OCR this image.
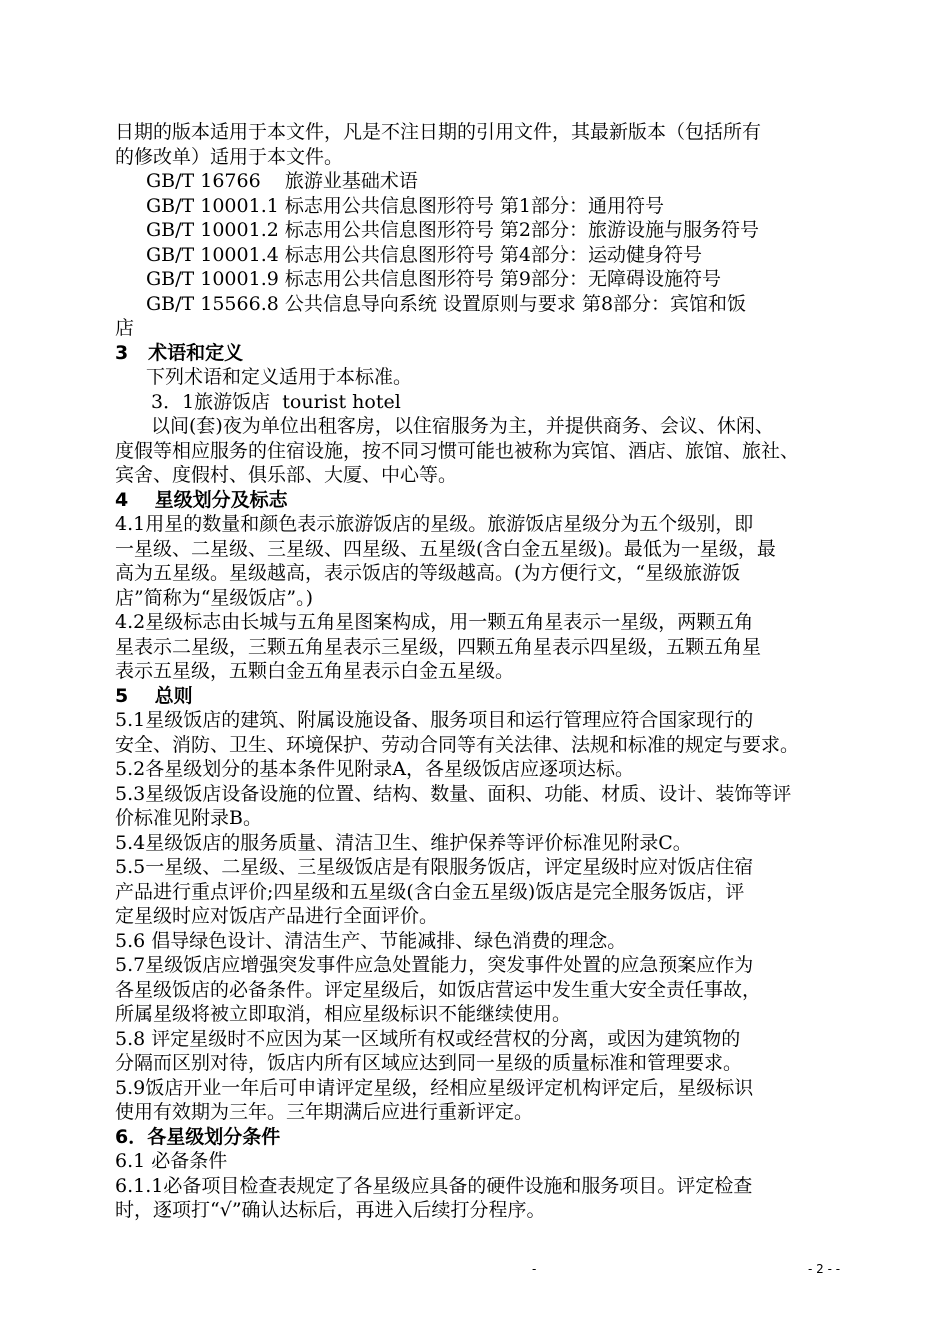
日期的版本适用于本文件，凡是不注日期的引用文件，其最新版本（包括所有

的修改单）适用于本文件。

GB/T 16766    旅游业基础术语

GB/T 10001.1 标志用公共信息图形符号 第1部分：通用符号

GB/T 10001.2 标志用公共信息图形符号 第2部分：旅游设施与服务符号

GB/T 10001.4 标志用公共信息图形符号 第4部分：运动健身符号

GB/T 10001.9 标志用公共信息图形符号 第9部分：无障碍设施符号

GB/T 15566.8 公共信息导向系统 设置原则与要求 第8部分：宾馆和饭

店

3   术语和定义

下列术语和定义适用于本标准。

3．1旅游饭店  tourist hotel

以间(套)夜为单位出租客房，以住宿服务为主，并提供商务、会议、休闲、

度假等相应服务的住宿设施，按不同习惯可能也被称为宾馆、酒店、旅馆、旅社、

宾舍、度假村、俱乐部、大厦、中心等。

4    星级划分及标志

4.1用星的数量和颜色表示旅游饭店的星级。旅游饭店星级分为五个级别，即

一星级、二星级、三星级、四星级、五星级(含白金五星级)。最低为一星级，最

高为五星级。星级越高，表示饭店的等级越高。(为方便行文，“星级旅游饭

店”简称为“星级饭店”。)

4.2星级标志由长城与五角星图案构成，用一颗五角星表示一星级，两颗五角

星表示二星级，三颗五角星表示三星级，四颗五角星表示四星级，五颗五角星

表示五星级，五颗白金五角星表示白金五星级。

5    总则

5.1星级饭店的建筑、附属设施设备、服务项目和运行管理应符合国家现行的

安全、消防、卫生、环境保护、劳动合同等有关法律、法规和标准的规定与要求。

5.2各星级划分的基本条件见附录A，各星级饭店应逐项达标。

5.3星级饭店设备设施的位置、结构、数量、面积、功能、材质、设计、装饰等评

价标准见附录B。

5.4星级饭店的服务质量、清洁卫生、维护保养等评价标准见附录C。

5.5一星级、二星级、三星级饭店是有限服务饭店，评定星级时应对饭店住宿

产品进行重点评价;四星级和五星级(含白金五星级)饭店是完全服务饭店，评

定星级时应对饭店产品进行全面评价。

5.6 倡导绿色设计、清洁生产、节能减排、绿色消费的理念。

5.7星级饭店应增强突发事件应急处置能力，突发事件处置的应急预案应作为

各星级饭店的必备条件。评定星级后，如饭店营运中发生重大安全责任事故，

所属星级将被立即取消，相应星级标识不能继续使用。

5.8 评定星级时不应因为某一区域所有权或经营权的分离，或因为建筑物的

分隔而区别对待，饭店内所有区域应达到同一星级的质量标准和管理要求。

5.9饭店开业一年后可申请评定星级，经相应星级评定机构评定后，星级标识

使用有效期为三年。三年期满后应进行重新评定。

6．各星级划分条件

6.1 必备条件

6.1.1必备项目检查表规定了各星级应具备的硬件设施和服务项目。评定检查

时，逐项打“√”确认达标后，再进入后续打分程序。

-	- 2 - -
